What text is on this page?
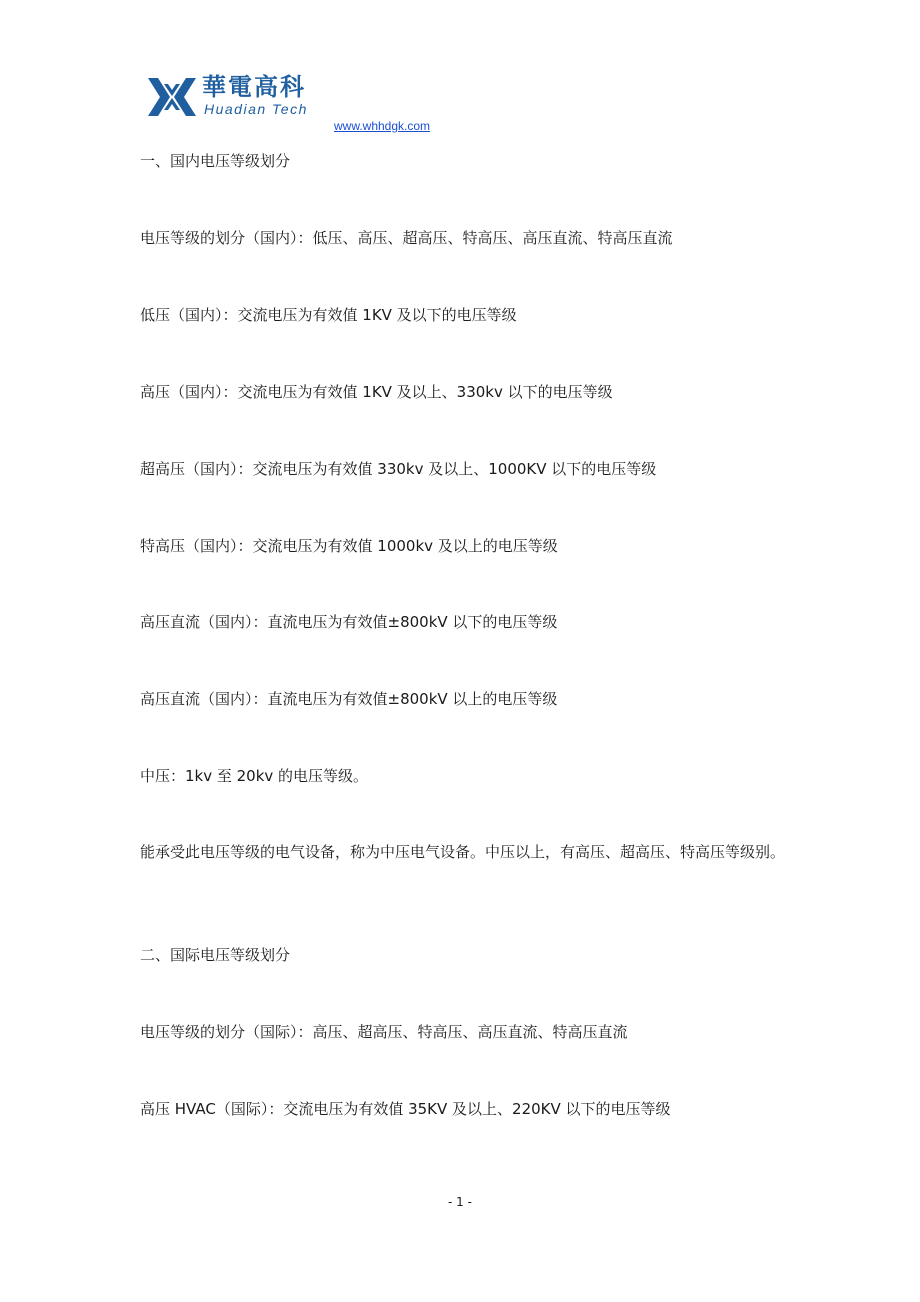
華電高科
Huadian Tech
www.whhdgk.com
一、国内电压等级划分
电压等级的划分（国内）：低压、高压、超高压、特高压、高压直流、特高压直流
低压（国内）：交流电压为有效值 1KV 及以下的电压等级
高压（国内）：交流电压为有效值 1KV 及以上、330kv 以下的电压等级
超高压（国内）：交流电压为有效值 330kv 及以上、1000KV 以下的电压等级
特高压（国内）：交流电压为有效值 1000kv 及以上的电压等级
高压直流（国内）：直流电压为有效值±800kV 以下的电压等级
高压直流（国内）：直流电压为有效值±800kV 以上的电压等级
中压：1kv 至 20kv 的电压等级。
能承受此电压等级的电气设备，称为中压电气设备。中压以上，有高压、超高压、特高压等级别。
二、国际电压等级划分
电压等级的划分（国际）：高压、超高压、特高压、高压直流、特高压直流
高压 HVAC（国际）：交流电压为有效值 35KV 及以上、220KV 以下的电压等级
- 1 -
